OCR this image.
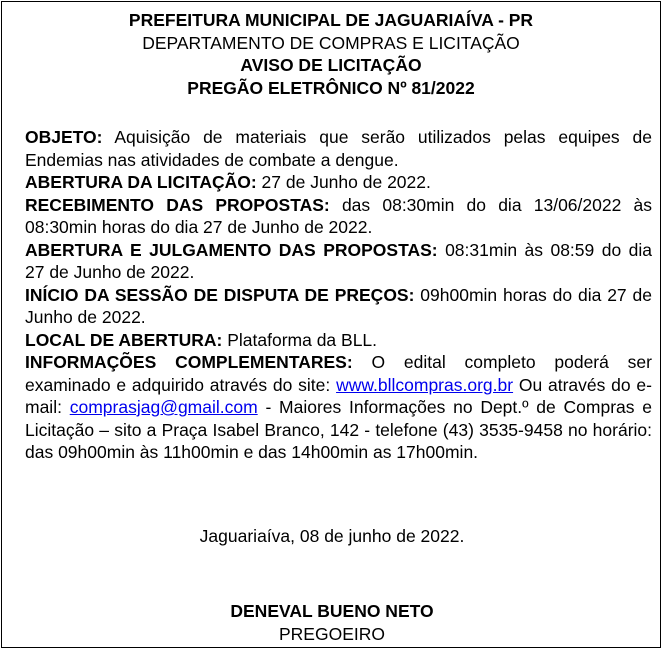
PREFEITURA MUNICIPAL DE JAGUARIAÍVA - PR
DEPARTAMENTO DE COMPRAS E LICITAÇÃO
AVISO DE LICITAÇÃO
PREGÃO ELETRÔNICO Nº 81/2022

OBJETO: Aquisição de materiais que serão utilizados pelas equipes de Endemias nas atividades de combate a dengue.

ABERTURA DA LICITAÇÃO: 27 de Junho de 2022.

RECEBIMENTO DAS PROPOSTAS: das 08:30min do dia 13/06/2022 às 08:30min horas do dia 27 de Junho de 2022.

ABERTURA E JULGAMENTO DAS PROPOSTAS: 08:31min às 08:59 do dia 27 de Junho de 2022.

INÍCIO DA SESSÃO DE DISPUTA DE PREÇOS: 09h00min horas do dia 27 de Junho de 2022.

LOCAL DE ABERTURA: Plataforma da BLL.

INFORMAÇÕES COMPLEMENTARES: O edital completo poderá ser examinado e adquirido através do site: www.bllcompras.org.br Ou através do e-mail: comprasjag@gmail.com - Maiores Informações no Dept.º de Compras e Licitação – sito a Praça Isabel Branco, 142 - telefone (43) 3535-9458 no horário: das 09h00min às 11h00min e das 14h00min as 17h00min.

Jaguariaíva, 08 de junho de 2022.
DENEVAL BUENO NETO
PREGOEIRO
